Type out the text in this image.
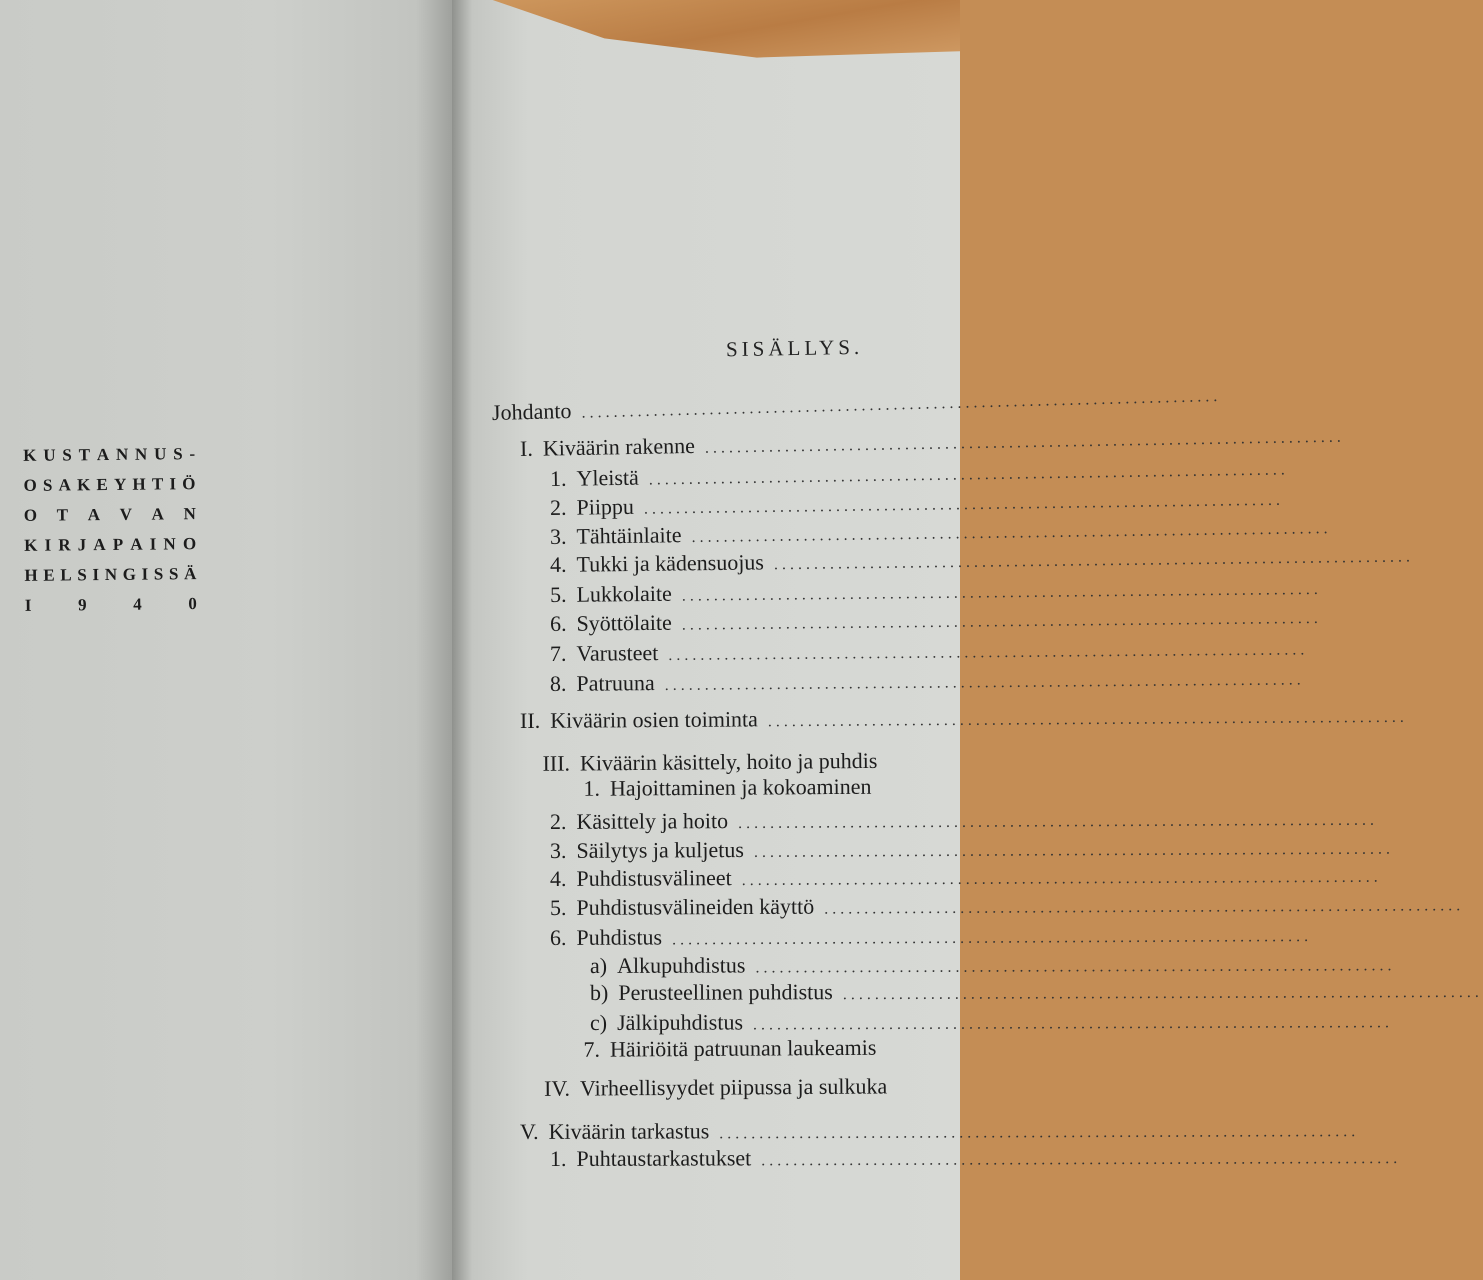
K U S T A N N U S -
O S A K E Y H T I Ö
O T A V A N
K I R J A P A I N O
H E L S I N G I S S Ä
I	9	4	0
SISÄLLYS.
Johdanto ................................................................................
I. Kiväärin rakenne ................................................................................
1. Yleistä ................................................................................
2. Piippu ................................................................................
3. Tähtäinlaite ................................................................................
4. Tukki ja kädensuojus ................................................................................
5. Lukkolaite ................................................................................
6. Syöttölaite ................................................................................
7. Varusteet ................................................................................
8. Patruuna ................................................................................
II. Kiväärin osien toiminta ................................................................................
III. Kiväärin käsittely, hoito ja puhdis
1. Hajoittaminen ja kokoaminen
2. Käsittely ja hoito ................................................................................
3. Säilytys ja kuljetus ................................................................................
4. Puhdistusvälineet ................................................................................
5. Puhdistusvälineiden käyttö ................................................................................
6. Puhdistus ................................................................................
a) Alkupuhdistus ................................................................................
b) Perusteellinen puhdistus ................................................................................
c) Jälkipuhdistus ................................................................................
7. Häiriöitä patruunan laukeamis
IV. Virheellisyydet piipussa ja sulkuka
V. Kiväärin tarkastus ................................................................................
1. Puhtaustarkastukset ................................................................................
